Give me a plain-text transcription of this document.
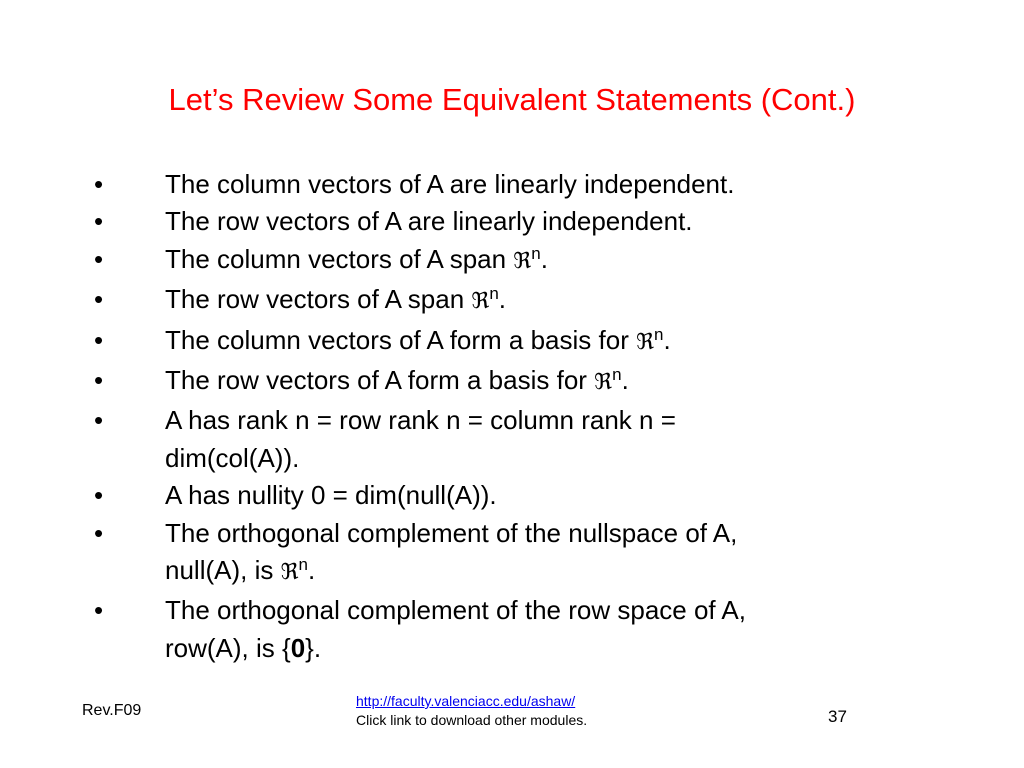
Let’s Review Some Equivalent Statements (Cont.)
•	The column vectors of A are linearly independent.
•	The row vectors of A are linearly independent.
•	The column vectors of A span ℜ$^n$.
•	The row vectors of A span ℜ$^n$.
•	The column vectors of A form a basis for ℜ$^n$.
•	The row vectors of A form a basis for ℜ$^n$.
•	A has rank n = row rank n = column rank n =
dim(col(A)).
•	A has nullity 0 = dim(null(A)).
•	The orthogonal complement of the nullspace of A,
null(A), is ℜ$^n$.
•	The orthogonal complement of the row space of A,
row(A), is {0}.
Rev.F09
http://faculty.valenciacc.edu/ashaw/
Click link to download other modules.	37
